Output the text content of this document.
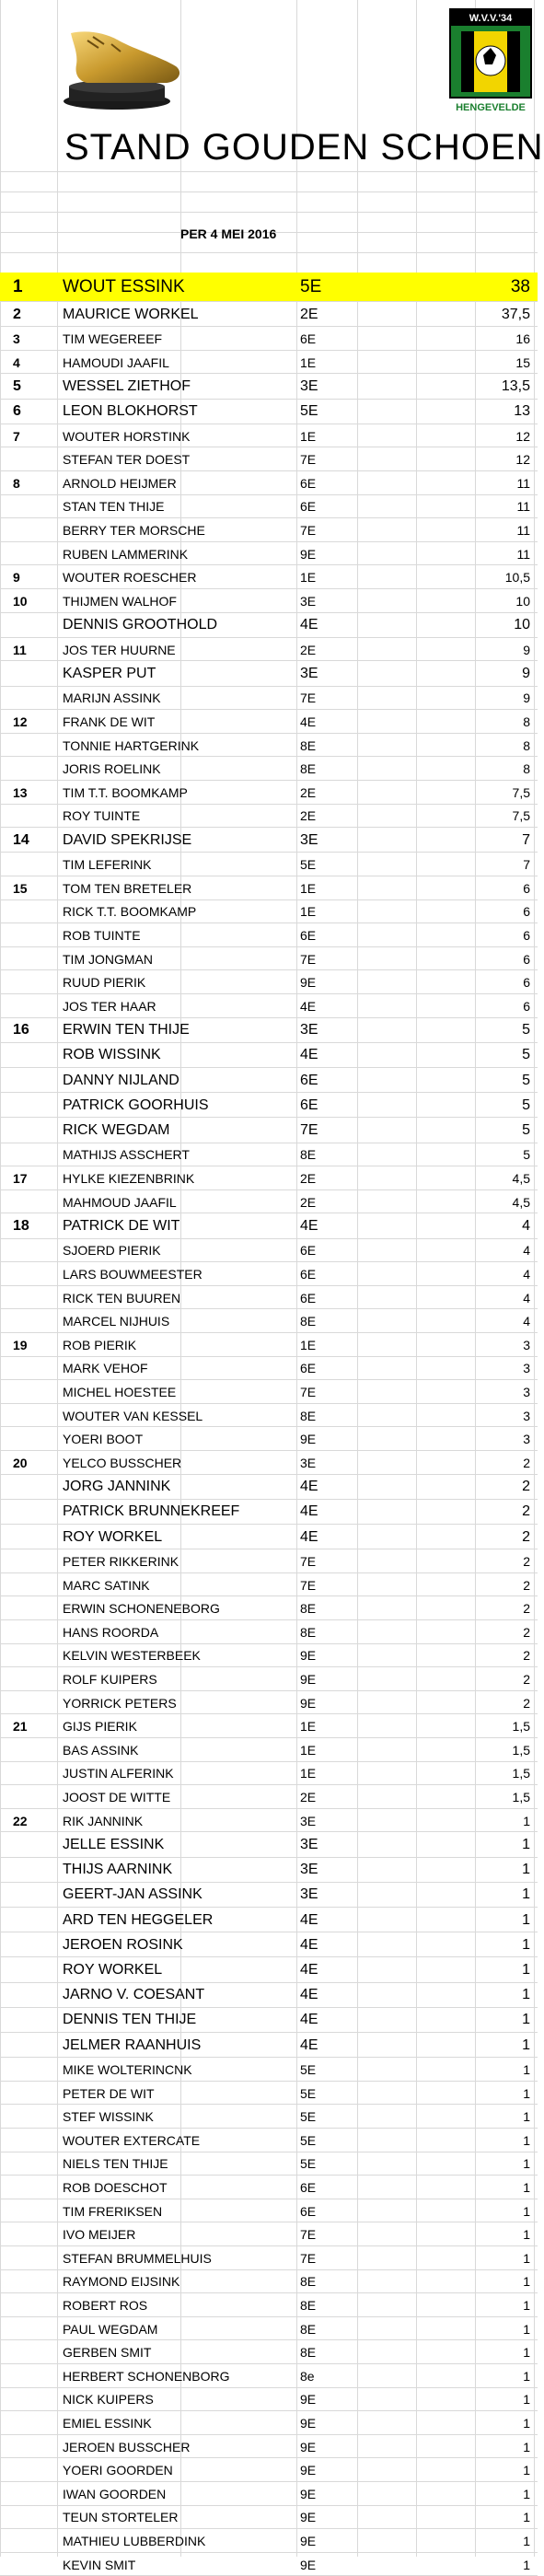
W.V.V.'34
HENGEVELDE
STAND GOUDEN SCHOEN
PER 4 MEI 2016
1	WOUT ESSINK	5E	38
2	MAURICE WORKEL	2E	37,5
3	TIM WEGEREEF	6E	16
4	HAMOUDI JAAFIL	1E	15
5	WESSEL ZIETHOF	3E	13,5
6	LEON BLOKHORST	5E	13
7	WOUTER HORSTINK	1E	12
STEFAN TER DOEST	7E	12
8	ARNOLD HEIJMER	6E	11
STAN TEN THIJE	6E	11
BERRY TER MORSCHE	7E	11
RUBEN LAMMERINK	9E	11
9	WOUTER ROESCHER	1E	10,5
10	THIJMEN WALHOF	3E	10
DENNIS GROOTHOLD	4E	10
11	JOS TER HUURNE	2E	9
KASPER PUT	3E	9
MARIJN ASSINK	7E	9
12	FRANK DE WIT	4E	8
TONNIE HARTGERINK	8E	8
JORIS ROELINK	8E	8
13	TIM T.T. BOOMKAMP	2E	7,5
ROY TUINTE	2E	7,5
14	DAVID SPEKRIJSE	3E	7
TIM LEFERINK	5E	7
15	TOM TEN BRETELER	1E	6
RICK T.T. BOOMKAMP	1E	6
ROB TUINTE	6E	6
TIM JONGMAN	7E	6
RUUD PIERIK	9E	6
JOS TER HAAR	4E	6
16	ERWIN TEN THIJE	3E	5
ROB WISSINK	4E	5
DANNY NIJLAND	6E	5
PATRICK GOORHUIS	6E	5
RICK WEGDAM	7E	5
MATHIJS ASSCHERT	8E	5
17	HYLKE KIEZENBRINK	2E	4,5
MAHMOUD JAAFIL	2E	4,5
18	PATRICK DE WIT	4E	4
SJOERD PIERIK	6E	4
LARS BOUWMEESTER	6E	4
RICK TEN BUUREN	6E	4
MARCEL NIJHUIS	8E	4
19	ROB PIERIK	1E	3
MARK VEHOF	6E	3
MICHEL HOESTEE	7E	3
WOUTER VAN KESSEL	8E	3
YOERI BOOT	9E	3
20	YELCO BUSSCHER	3E	2
JORG JANNINK	4E	2
PATRICK BRUNNEKREEF	4E	2
ROY WORKEL	4E	2
PETER RIKKERINK	7E	2
MARC SATINK	7E	2
ERWIN SCHONENEBORG	8E	2
HANS ROORDA	8E	2
KELVIN WESTERBEEK	9E	2
ROLF KUIPERS	9E	2
YORRICK PETERS	9E	2
21	GIJS PIERIK	1E	1,5
BAS ASSINK	1E	1,5
JUSTIN ALFERINK	1E	1,5
JOOST DE WITTE	2E	1,5
22	RIK JANNINK	3E	1
JELLE ESSINK	3E	1
THIJS AARNINK	3E	1
GEERT-JAN ASSINK	3E	1
ARD TEN HEGGELER	4E	1
JEROEN ROSINK	4E	1
ROY WORKEL	4E	1
JARNO V. COESANT	4E	1
DENNIS TEN THIJE	4E	1
JELMER RAANHUIS	4E	1
MIKE WOLTERINCNK	5E	1
PETER DE WIT	5E	1
STEF WISSINK	5E	1
WOUTER EXTERCATE	5E	1
NIELS TEN THIJE	5E	1
ROB DOESCHOT	6E	1
TIM FRERIKSEN	6E	1
IVO MEIJER	7E	1
STEFAN BRUMMELHUIS	7E	1
RAYMOND EIJSINK	8E	1
ROBERT ROS	8E	1
PAUL WEGDAM	8E	1
GERBEN SMIT	8E	1
HERBERT SCHONENBORG	8e	1
NICK KUIPERS	9E	1
EMIEL ESSINK	9E	1
JEROEN BUSSCHER	9E	1
YOERI GOORDEN	9E	1
IWAN GOORDEN	9E	1
TEUN STORTELER	9E	1
MATHIEU LUBBERDINK	9E	1
KEVIN SMIT	9E	1
